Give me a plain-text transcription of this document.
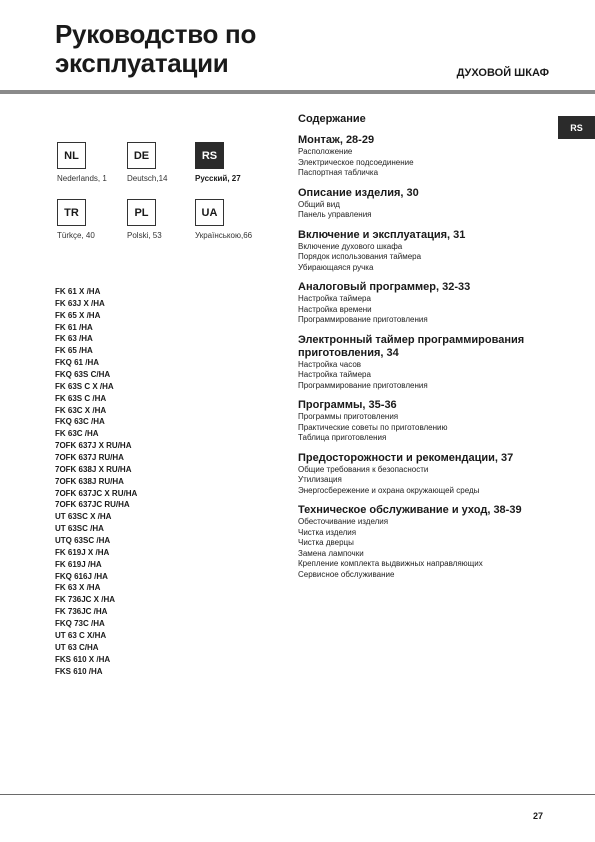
Руководство по
эксплуатации	ДУХОВОЙ ШКАФ
RS
NL
Nederlands, 1
DE
Deutsch,14
RS
Русский, 27
TR
Türkçe, 40
PL
Polski, 53
UA
Українською,66
FK 61 X /HA
FK 63J X /HA
FK 65 X /HA
FK 61 /HA
FK 63 /HA
FK 65 /HA
FKQ 61 /HA
FKQ 63S C/HA
FK 63S C X /HA
FK 63S C /HA
FK 63C X /HA
FKQ 63C /HA
FK 63C /HA
7OFK 637J X RU/HA
7OFK 637J RU/HA
7OFK 638J X RU/HA
7OFK 638J RU/HA
7OFK 637JC X RU/HA
7OFK 637JC RU/HA
UT 63SC X /HA
UT 63SC /HA
UTQ 63SC /HA
FK 619J X /HA
FK 619J /HA
FKQ 616J /HA
FK 63 X /HA
FK 736JC X /HA
FK 736JC /HA
FKQ 73C /HA
UT 63 C X/HA
UT 63 C/HA
FKS 610 X /HA
FKS 610 /HA
Содержание
Монтаж, 28-29
Расположение
Электрическое подсоединение
Паспортная табличка
Описание изделия, 30
Общий вид
Панель управления
Включение и эксплуатация, 31
Включение духового шкафа
Порядок использования таймера
Убирающаяся ручка
Аналоговый программер, 32-33
Настройка таймера
Настройка времени
Программирование приготовления
Электронный таймер программирования приготовления, 34
Настройка часов
Настройка таймера
Программирование приготовления
Программы, 35-36
Программы приготовления
Практические советы по приготовлению
Таблица приготовления
Предосторожности и рекомендации, 37
Общие требования к безопасности
Утилизация
Энергосбережение и охрана окружающей среды
Техническое обслуживание и уход, 38-39
Обесточивание изделия
Чистка изделия
Чистка дверцы
Замена лампочки
Крепление комплекта выдвижных направляющих
Сервисное обслуживание
27
